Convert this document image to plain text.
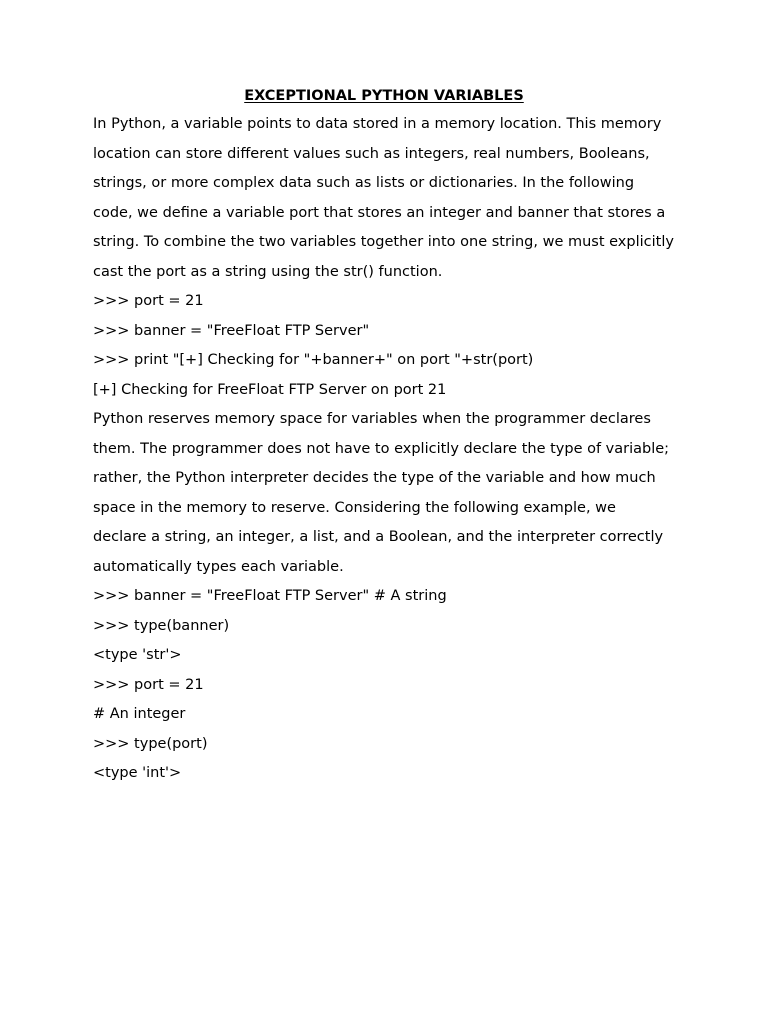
EXCEPTIONAL PYTHON VARIABLES

In Python, a variable points to data stored in a memory location. This memory

location can store different values such as integers, real numbers, Booleans,

strings, or more complex data such as lists or dictionaries. In the following

code, we define a variable port that stores an integer and banner that stores a

string. To combine the two variables together into one string, we must explicitly

cast the port as a string using the str() function.

>>> port = 21

>>> banner = "FreeFloat FTP Server"

>>> print "[+] Checking for "+banner+" on port "+str(port)

[+] Checking for FreeFloat FTP Server on port 21

Python reserves memory space for variables when the programmer declares

them. The programmer does not have to explicitly declare the type of variable;

rather, the Python interpreter decides the type of the variable and how much

space in the memory to reserve. Considering the following example, we

declare a string, an integer, a list, and a Boolean, and the interpreter correctly

automatically types each variable.

>>> banner = "FreeFloat FTP Server" # A string

>>> type(banner)

<type 'str'>

>>> port = 21

# An integer

>>> type(port)

<type 'int'>
